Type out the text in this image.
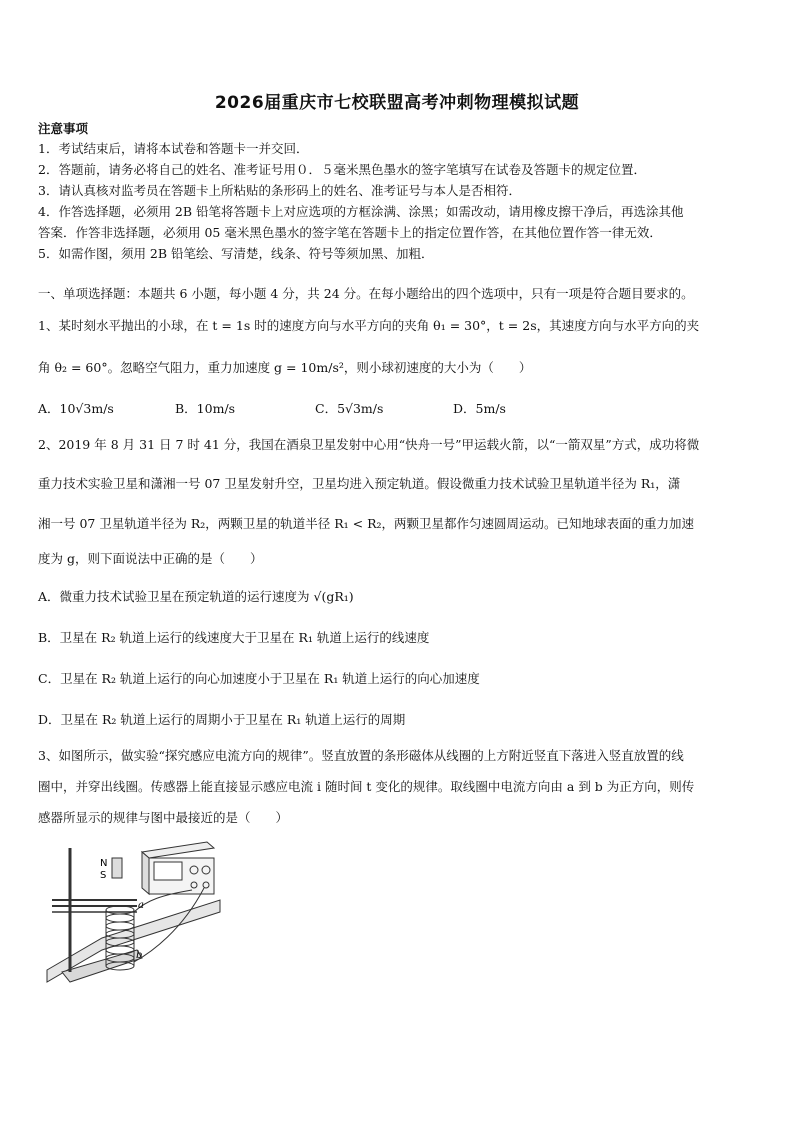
2026届重庆市七校联盟高考冲刺物理模拟试题
注意事项
1．考试结束后，请将本试卷和答题卡一并交回．
2．答题前，请务必将自己的姓名、准考证号用０．５毫米黑色墨水的签字笔填写在试卷及答题卡的规定位置．
3．请认真核对监考员在答题卡上所粘贴的条形码上的姓名、准考证号与本人是否相符．
4．作答选择题，必须用 2B 铅笔将答题卡上对应选项的方框涂满、涂黑；如需改动，请用橡皮擦干净后，再选涂其他
答案．作答非选择题，必须用 05 毫米黑色墨水的签字笔在答题卡上的指定位置作答，在其他位置作答一律无效．
5．如需作图，须用 2B 铅笔绘、写清楚，线条、符号等须加黑、加粗．
一、单项选择题：本题共 6 小题，每小题 4 分，共 24 分。在每小题给出的四个选项中，只有一项是符合题目要求的。
1、某时刻水平抛出的小球，在 t = 1s 时的速度方向与水平方向的夹角 θ₁ = 30°，t = 2s，其速度方向与水平方向的夹
角 θ₂ = 60°。忽略空气阻力，重力加速度 g = 10m/s²，则小球初速度的大小为（　　）
A．10√3m/s	B．10m/s	C．5√3m/s	D．5m/s
2、2019 年 8 月 31 日 7 时 41 分，我国在酒泉卫星发射中心用“快舟一号”甲运载火箭，以“一箭双星”方式，成功将微
重力技术实验卫星和潇湘一号 07 卫星发射升空，卫星均进入预定轨道。假设微重力技术试验卫星轨道半径为 R₁，潇
湘一号 07 卫星轨道半径为 R₂，两颗卫星的轨道半径 R₁ < R₂，两颗卫星都作匀速圆周运动。已知地球表面的重力加速
度为 g，则下面说法中正确的是（　　）
A．微重力技术试验卫星在预定轨道的运行速度为 √(gR₁)
B．卫星在 R₂ 轨道上运行的线速度大于卫星在 R₁ 轨道上运行的线速度
C．卫星在 R₂ 轨道上运行的向心加速度小于卫星在 R₁ 轨道上运行的向心加速度
D．卫星在 R₂ 轨道上运行的周期小于卫星在 R₁ 轨道上运行的周期
3、如图所示，做实验“探究感应电流方向的规律”。竖直放置的条形磁体从线圈的上方附近竖直下落进入竖直放置的线
圈中，并穿出线圈。传感器上能直接显示感应电流 i 随时间 t 变化的规律。取线圈中电流方向由 a 到 b 为正方向，则传
感器所显示的规律与图中最接近的是（　　）
N
S
a
b
